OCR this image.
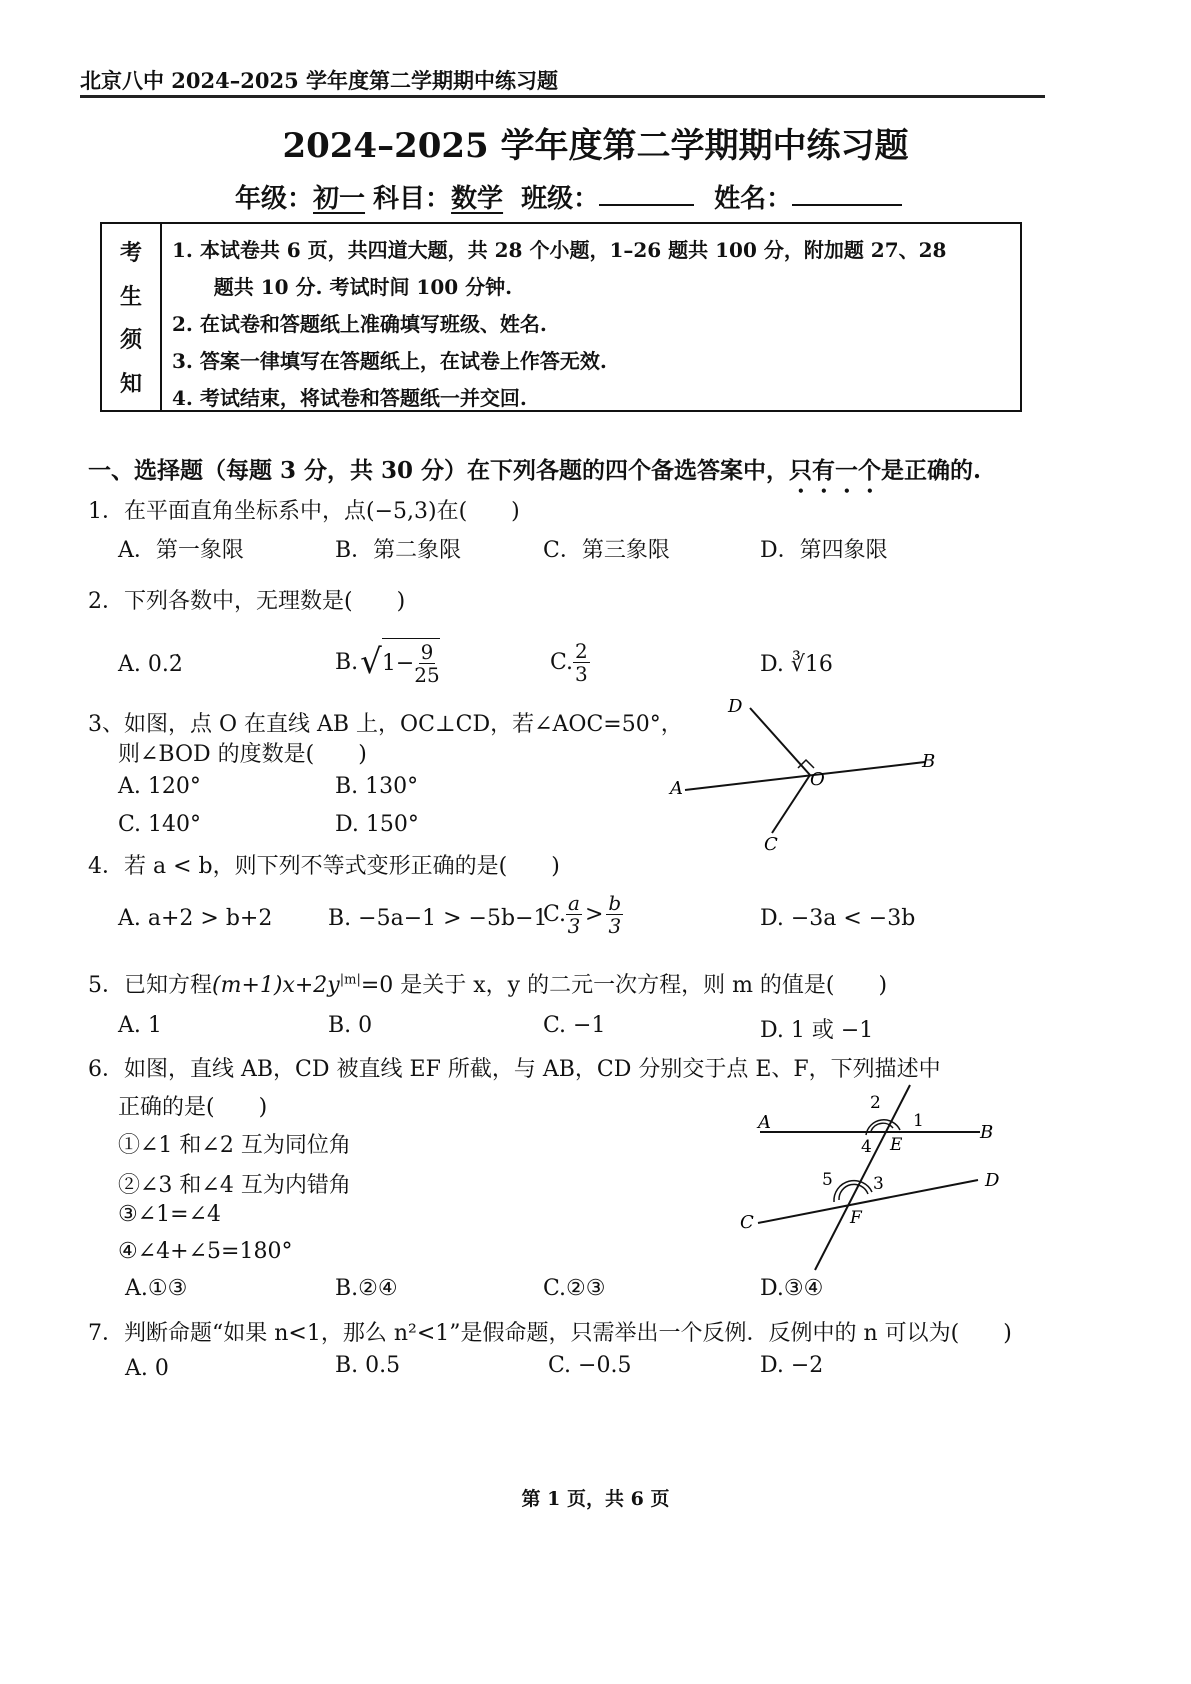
北京八中 2024–2025 学年度第二学期期中练习题
2024–2025 学年度第二学期期中练习题
年级： 初一 科目： 数学 班级：	姓名：
考
生
须
知
1. 本试卷共 6 页，共四道大题，共 28 个小题，1–26 题共 100 分，附加题 27、28
题共 10 分. 考试时间 100 分钟.
2. 在试卷和答题纸上准确填写班级、姓名.
3. 答案一律填写在答题纸上，在试卷上作答无效.
4. 考试结束，将试卷和答题纸一并交回.
一、选择题（每题 3 分，共 30 分）在下列各题的四个备选答案中，只有一个是正确的.
1．在平面直角坐标系中，点(−5,3)在(　　)
A．第一象限	B．第二象限	C．第三象限	D．第四象限
2．下列各数中，无理数是(　　)
A. 0.2̇	B. √ $1- \frac{9}{25}$	C. $\frac{2}{3}$	D. ∛16
3、如图，点 O 在直线 AB 上，OC⊥CD，若∠AOC=50°，
则∠BOD 的度数是(　　)
A. 120°	B. 130°
C. 140°	D. 150°
D
B
A	O
C
4．若 a < b，则下列不等式变形正确的是(　　)
A. a+2 > b+2	B. −5a−1 > −5b−1
C. $\frac{a}{3} > \frac{b}{3}$	D. −3a < −3b
5．已知方程$(m+1)x+2y^{|m|}=0$ 是关于 x，y 的二元一次方程，则 m 的值是(　　)
A. 1	B. 0	C. −1	D. 1 或 −1
6．如图，直线 AB，CD 被直线 EF 所截，与 AB，CD 分别交于点 E、F，下列描述中
正确的是(　　)
①∠1 和∠2 互为同位角
②∠3 和∠4 互为内错角
③∠1=∠4
④∠4+∠5=180°
A.①③	B.②④	C.②③	D.③④
A	B
C
D
E
F
2
1
4
5 3
7．判断命题“如果 n<1，那么 n²<1”是假命题，只需举出一个反例．反例中的 n 可以为(　　)
A. 0	B. 0.5	C. −0.5	D. −2
第 1 页，共 6 页
